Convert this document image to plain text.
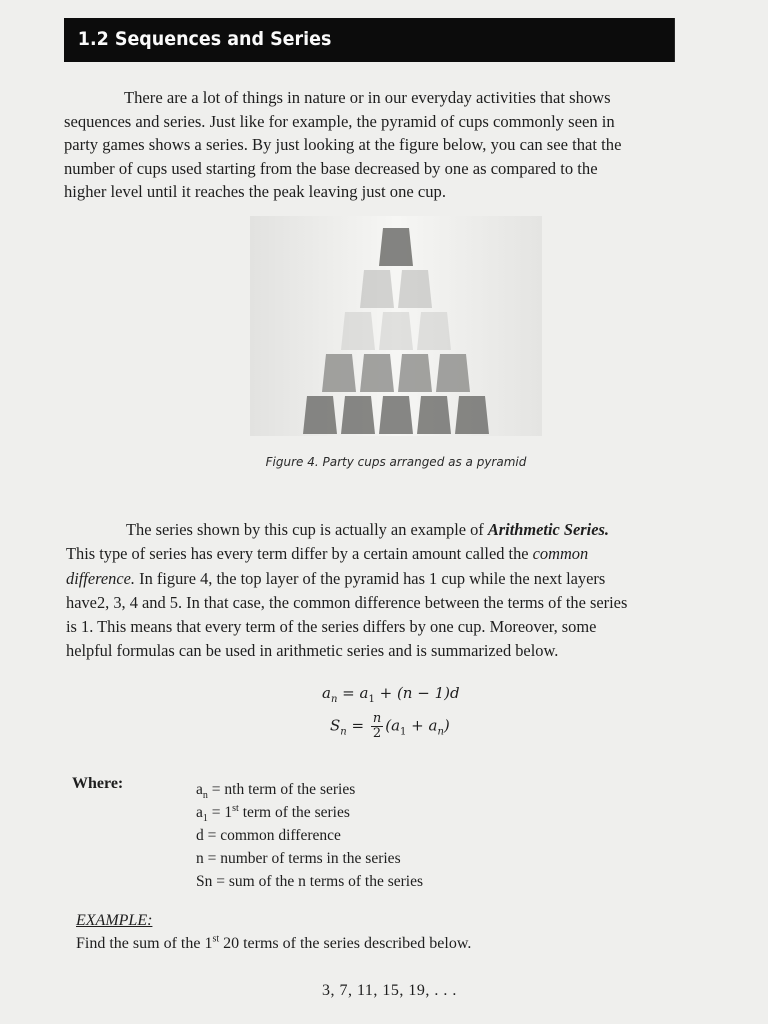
1.2 Sequences and Series
There are a lot of things in nature or in our everyday activities that shows
sequences and series. Just like for example, the pyramid of cups commonly seen in
party games shows a series. By just looking at the figure below, you can see that the
number of cups used starting from the base decreased by one as compared to the
higher level until it reaches the peak leaving just one cup.
Figure 4. Party cups arranged as a pyramid
The series shown by this cup is actually an example of Arithmetic Series.
This type of series has every term differ by a certain amount called the common
difference. In figure 4, the top layer of the pyramid has 1 cup while the next layers
have2, 3, 4 and 5. In that case, the common difference between the terms of the series
is 1. This means that every term of the series differs by one cup. Moreover, some
helpful formulas can be used in arithmetic series and is summarized below.
$a_n = a_1 + (n - 1)d$
$S_n = \frac{n}{2} (a_1 + a_n)$
Where:	$a_n$ = nth term of the series
$a_1 = 1st$ term of the series
d = common difference
n = number of terms in the series
Sn = sum of the n terms of the series
EXAMPLE:
Find the sum of the 1st 20 terms of the series described below.
3, 7, 11, 15, 19, . . .
